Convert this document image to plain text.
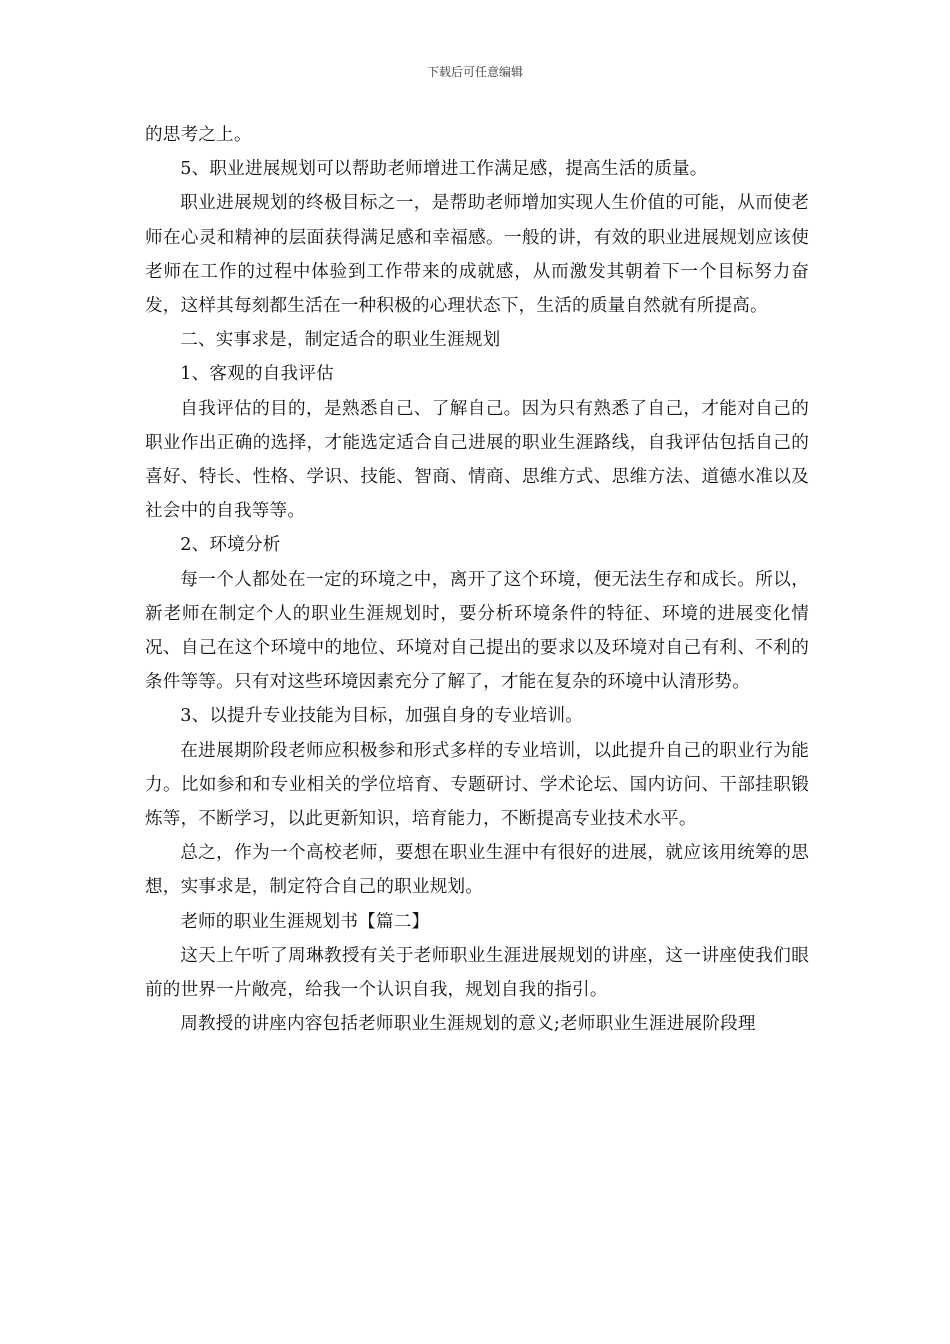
下载后可任意编辑

的思考之上。

5、职业进展规划可以帮助老师增进工作满足感，提高生活的质量。

职业进展规划的终极目标之一，是帮助老师增加实现人生价值的可能，从而使老师在心灵和精神的层面获得满足感和幸福感。一般的讲，有效的职业进展规划应该使老师在工作的过程中体验到工作带来的成就感，从而激发其朝着下一个目标努力奋发，这样其每刻都生活在一种积极的心理状态下，生活的质量自然就有所提高。

二、实事求是，制定适合的职业生涯规划

1、客观的自我评估

自我评估的目的，是熟悉自己、了解自己。因为只有熟悉了自己，才能对自己的职业作出正确的选择，才能选定适合自己进展的职业生涯路线，自我评估包括自己的喜好、特长、性格、学识、技能、智商、情商、思维方式、思维方法、道德水准以及社会中的自我等等。

2、环境分析

每一个人都处在一定的环境之中，离开了这个环境，便无法生存和成长。所以，新老师在制定个人的职业生涯规划时，要分析环境条件的特征、环境的进展变化情况、自己在这个环境中的地位、环境对自己提出的要求以及环境对自己有利、不利的条件等等。只有对这些环境因素充分了解了，才能在复杂的环境中认清形势。

3、以提升专业技能为目标，加强自身的专业培训。

在进展期阶段老师应积极参和形式多样的专业培训，以此提升自己的职业行为能力。比如参和和专业相关的学位培育、专题研讨、学术论坛、国内访问、干部挂职锻炼等，不断学习，以此更新知识，培育能力，不断提高专业技术水平。

总之，作为一个高校老师，要想在职业生涯中有很好的进展，就应该用统筹的思想，实事求是，制定符合自己的职业规划。

老师的职业生涯规划书【篇二】

这天上午听了周琳教授有关于老师职业生涯进展规划的讲座，这一讲座使我们眼前的世界一片敞亮，给我一个认识自我，规划自我的指引。

周教授的讲座内容包括老师职业生涯规划的意义;老师职业生涯进展阶段理
